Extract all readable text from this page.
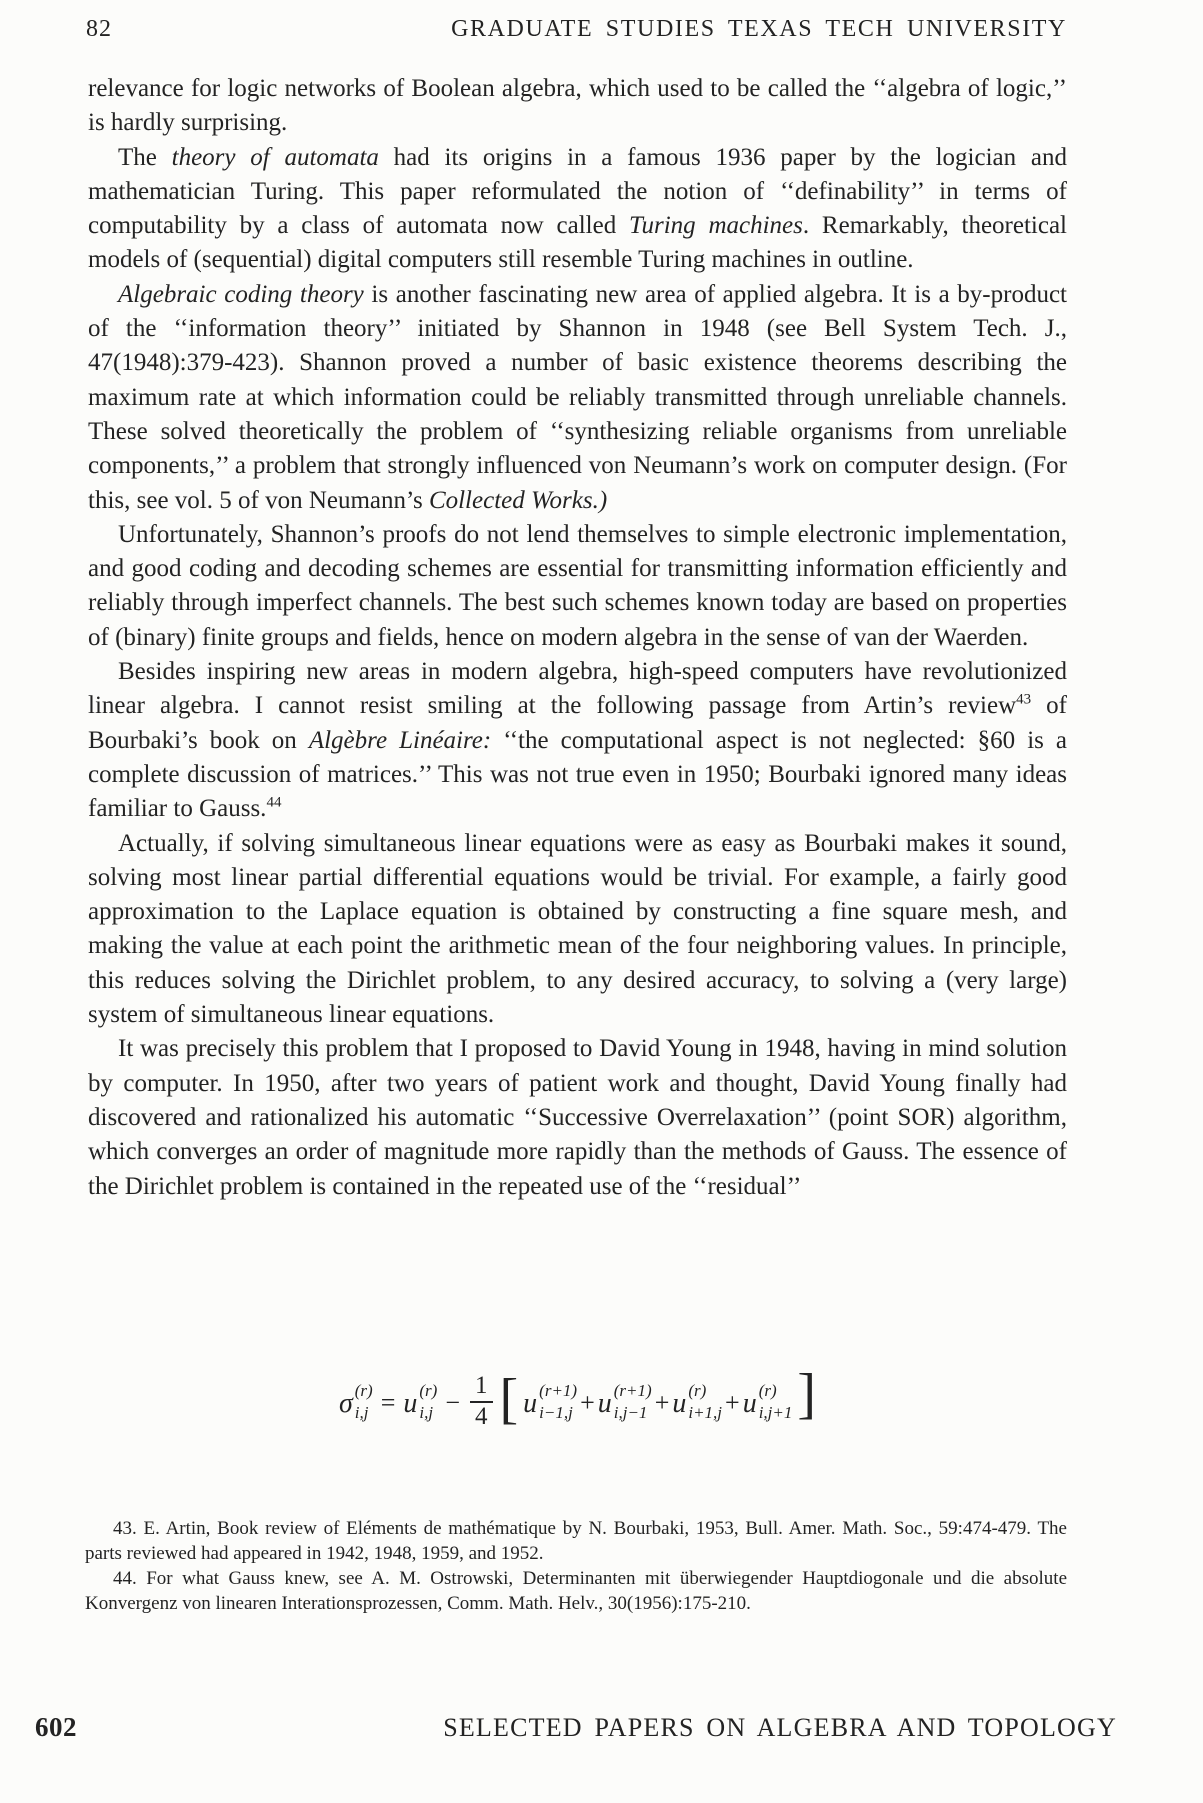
82	GRADUATE STUDIES TEXAS TECH UNIVERSITY

relevance for logic networks of Boolean algebra, which used to be called the ‘‘algebra of logic,’’ is hardly surprising.

The theory of automata had its origins in a famous 1936 paper by the logician and mathematician Turing. This paper reformulated the notion of ‘‘definability’’ in terms of computability by a class of automata now called Turing machines. Remarkably, theoretical models of (sequential) digital computers still resemble Turing machines in outline.

Algebraic coding theory is another fascinating new area of applied algebra. It is a by-product of the ‘‘information theory’’ initiated by Shannon in 1948 (see Bell System Tech. J., 47(1948):379-423). Shannon proved a number of basic existence theorems describing the maximum rate at which information could be reliably transmitted through unreliable channels. These solved theoretically the problem of ‘‘synthesizing reliable organisms from unreliable components,’’ a problem that strongly influenced von Neumann’s work on computer design. (For this, see vol. 5 of von Neumann’s Collected Works.)

Unfortunately, Shannon’s proofs do not lend themselves to simple electronic implementation, and good coding and decoding schemes are essential for transmitting information efficiently and reliably through imperfect channels. The best such schemes known today are based on properties of (binary) finite groups and fields, hence on modern algebra in the sense of van der Waerden.

Besides inspiring new areas in modern algebra, high-speed computers have revolutionized linear algebra. I cannot resist smiling at the following passage from Artin’s review$^{43}$ of Bourbaki’s book on Algèbre Linéaire: ‘‘the computational aspect is not neglected: §60 is a complete discussion of matrices.’’ This was not true even in 1950; Bourbaki ignored many ideas familiar to Gauss.$^{44}$

Actually, if solving simultaneous linear equations were as easy as Bourbaki makes it sound, solving most linear partial differential equations would be trivial. For example, a fairly good approximation to the Laplace equation is obtained by constructing a fine square mesh, and making the value at each point the arithmetic mean of the four neighboring values. In principle, this reduces solving the Dirichlet problem, to any desired accuracy, to solving a (very large) system of simultaneous linear equations.

It was precisely this problem that I proposed to David Young in 1948, having in mind solution by computer. In 1950, after two years of patient work and thought, David Young finally had discovered and rationalized his automatic ‘‘Successive Overrelaxation’’ (point SOR) algorithm, which converges an order of magnitude more rapidly than the methods of Gauss. The essence of the Dirichlet problem is contained in the repeated use of the ‘‘residual’’

σ (r)
i,j = u (r)
$i,j - \frac{1}{4}$ [ u (r+1)
i−1,j + u (r+1)
i,j−1 + u (r)
i+1,j + u (r)
i,j+1 ]

43. E. Artin, Book review of Eléments de mathématique by N. Bourbaki, 1953, Bull. Amer. Math. Soc., 59:474-479. The parts reviewed had appeared in 1942, 1948, 1959, and 1952.

44. For what Gauss knew, see A. M. Ostrowski, Determinanten mit überwiegender Hauptdiogonale und die absolute Konvergenz von linearen Interationsprozessen, Comm. Math. Helv., 30(1956):175-210.

602	SELECTED PAPERS ON ALGEBRA AND TOPOLOGY
